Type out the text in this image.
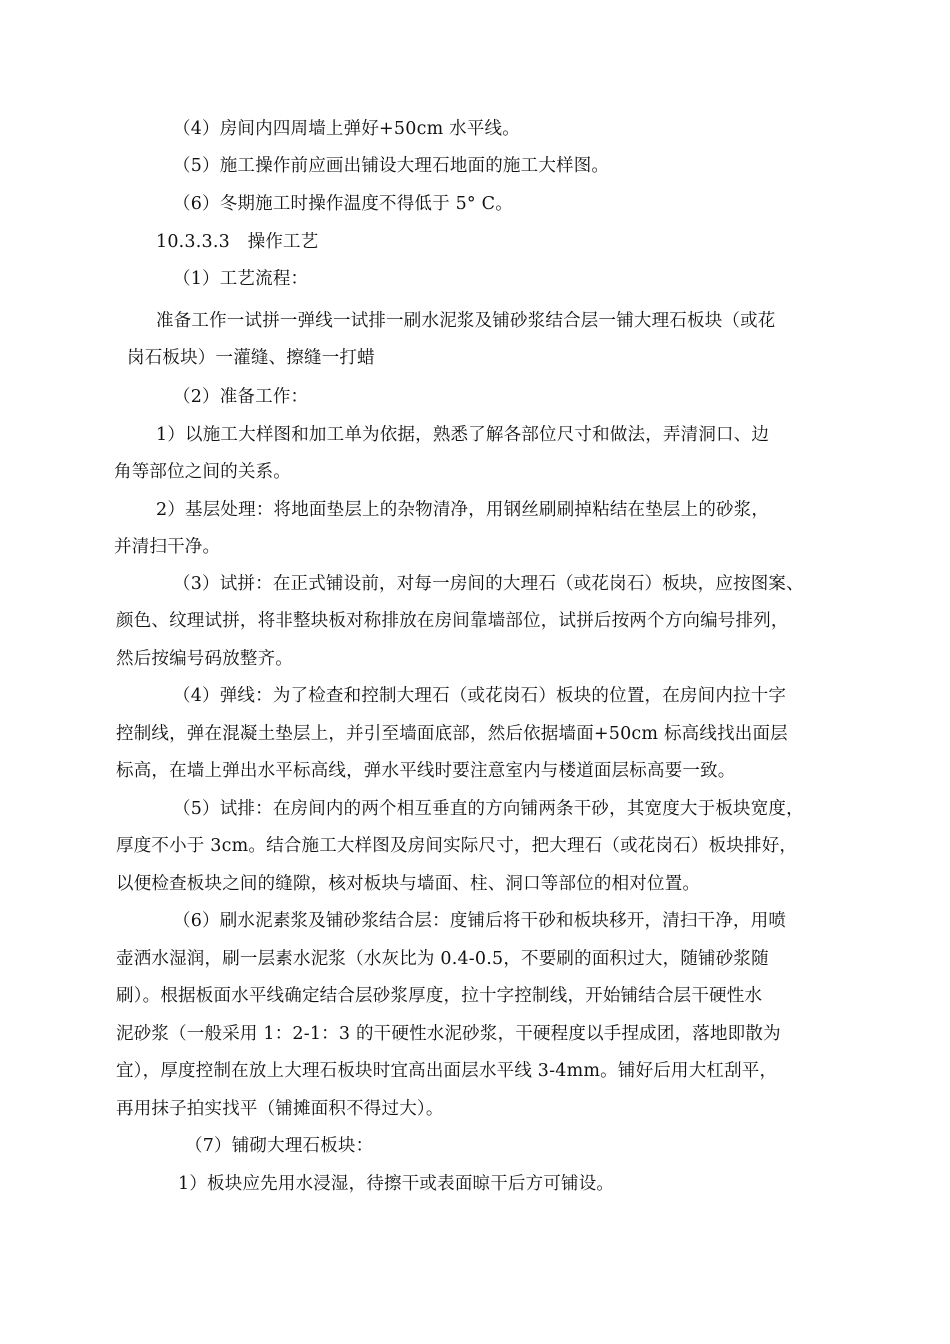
（4）房间内四周墙上弹好+50cm 水平线。
（5）施工操作前应画出铺设大理石地面的施工大样图。
（6）冬期施工时操作温度不得低于 5° C。
10.3.3.3　操作工艺
（1）工艺流程：
准备工作一试拼一弹线一试排一刷水泥浆及铺砂浆结合层一铺大理石板块（或花
岗石板块）一灌缝、擦缝一打蜡
（2）准备工作：
1）以施工大样图和加工单为依据，熟悉了解各部位尺寸和做法，弄清洞口、边
角等部位之间的关系。
2）基层处理：将地面垫层上的杂物清净，用钢丝刷刷掉粘结在垫层上的砂浆，
并清扫干净。
（3）试拼：在正式铺设前，对每一房间的大理石（或花岗石）板块，应按图案、
颜色、纹理试拼，将非整块板对称排放在房间靠墙部位，试拼后按两个方向编号排列，
然后按编号码放整齐。
（4）弹线：为了检查和控制大理石（或花岗石）板块的位置，在房间内拉十字
控制线，弹在混凝土垫层上，并引至墙面底部，然后依据墙面+50cm 标高线找出面层
标高，在墙上弹出水平标高线，弹水平线时要注意室内与楼道面层标高要一致。
（5）试排：在房间内的两个相互垂直的方向铺两条干砂，其宽度大于板块宽度，
厚度不小于 3cm。结合施工大样图及房间实际尺寸，把大理石（或花岗石）板块排好，
以便检查板块之间的缝隙，核对板块与墙面、柱、洞口等部位的相对位置。
（6）刷水泥素浆及铺砂浆结合层：度铺后将干砂和板块移开，清扫干净，用喷
壶洒水湿润，刷一层素水泥浆（水灰比为 0.4-0.5，不要刷的面积过大，随铺砂浆随
刷）。根据板面水平线确定结合层砂浆厚度，拉十字控制线，开始铺结合层干硬性水
泥砂浆（一般采用 1：2-1：3 的干硬性水泥砂浆，干硬程度以手捏成团，落地即散为
宜），厚度控制在放上大理石板块时宜高出面层水平线 3-4mm。铺好后用大杠刮平，
再用抹子拍实找平（铺摊面积不得过大）。
（7）铺砌大理石板块：
1）板块应先用水浸湿，待擦干或表面晾干后方可铺设。
